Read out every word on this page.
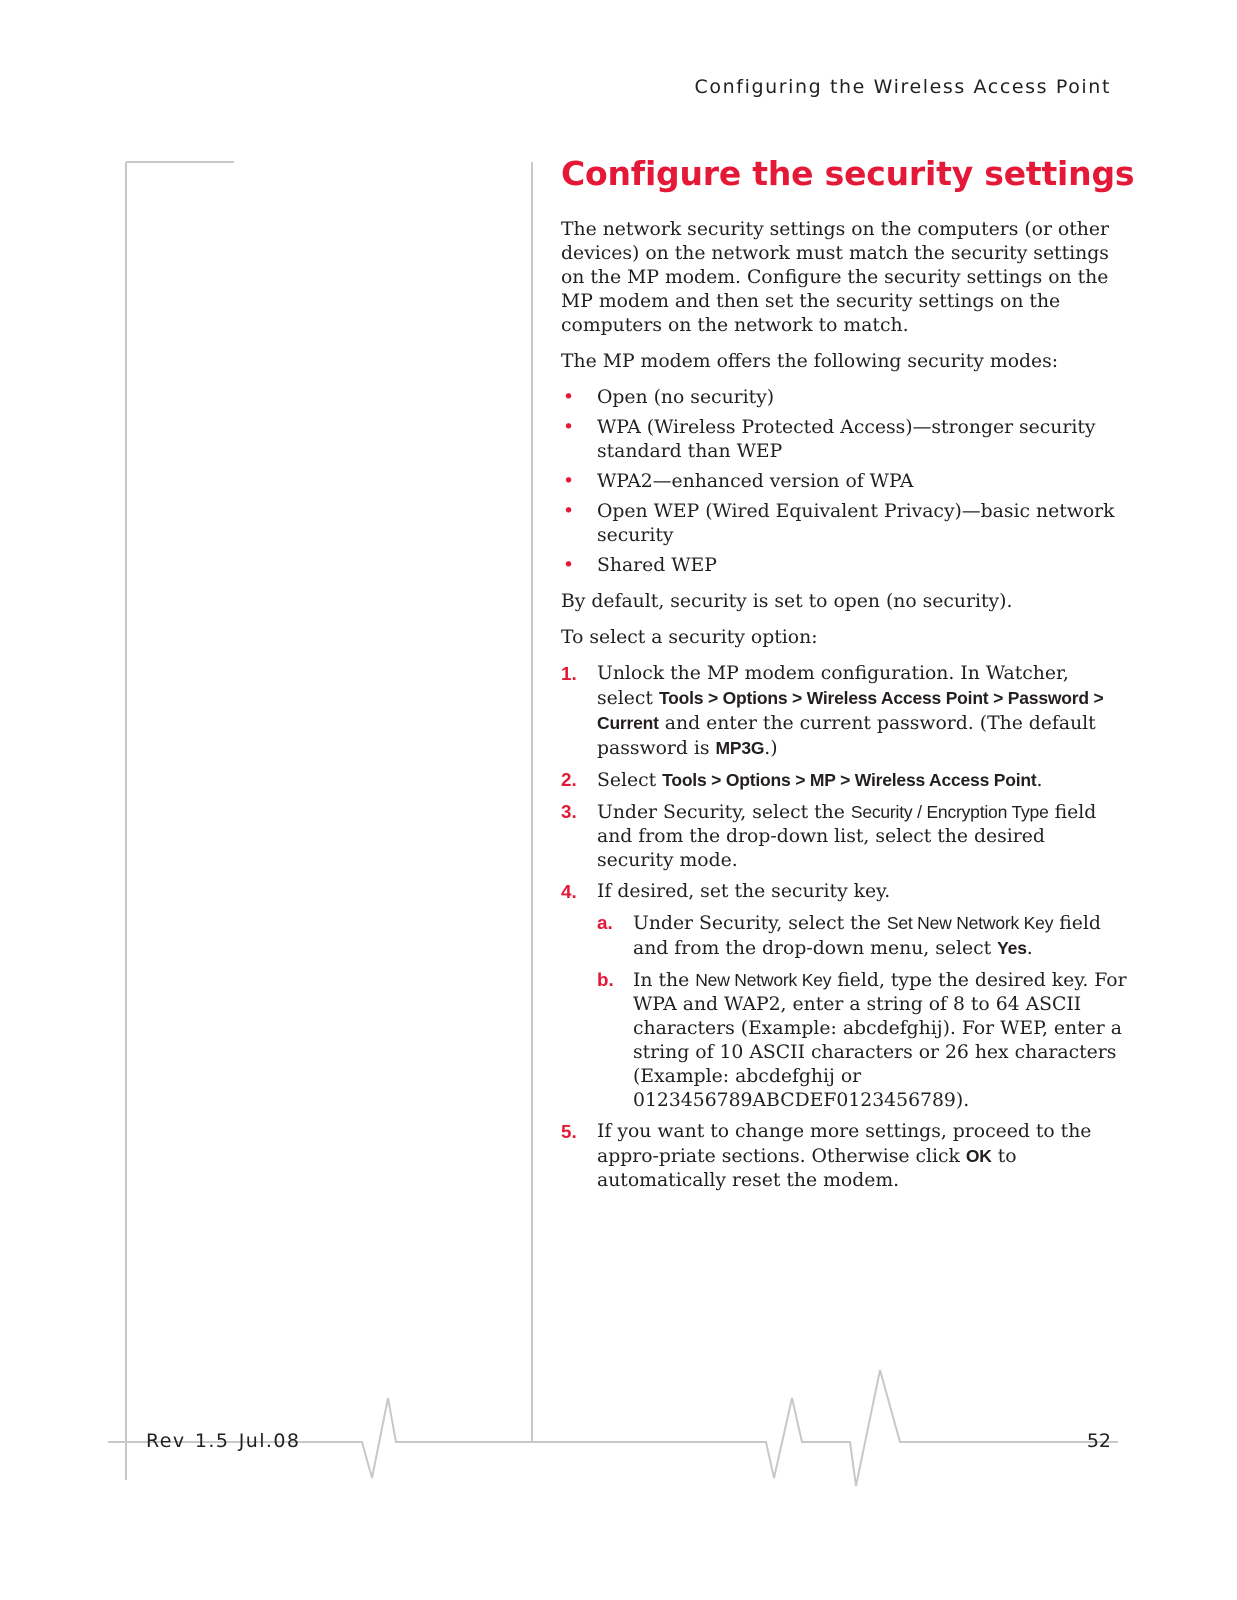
Configuring the Wireless Access Point
Configure the security settings

The network security settings on the computers (or other devices) on the network must match the security settings on the MP modem. Configure the security settings on the MP modem and then set the security settings on the computers on the network to match.

The MP modem offers the following security modes:

• Open (no security)
• WPA (Wireless Protected Access)—stronger security standard than WEP
• WPA2—enhanced version of WPA
• Open WEP (Wired Equivalent Privacy)—basic network security
• Shared WEP

By default, security is set to open (no security).

To select a security option:

1. Unlock the MP modem configuration. In Watcher, select Tools > Options > Wireless Access Point > Password > Current and enter the current password. (The default password is MP3G.)
2. Select Tools > Options > MP > Wireless Access Point.
3. Under Security, select the Security / Encryption Type field and from the drop-down list, select the desired security mode.
4. If desired, set the security key.
a. Under Security, select the Set New Network Key field and from the drop-down menu, select Yes.
b. In the New Network Key field, type the desired key. For WPA and WAP2, enter a string of 8 to 64 ASCII characters (Example: abcdefghij). For WEP, enter a string of 10 ASCII characters or 26 hex characters (Example: abcdefghij or 0123456789ABCDEF0123456789).
5. If you want to change more settings, proceed to the appro-priate sections. Otherwise click OK to automatically reset the modem.
Rev 1.5 Jul.08	52
